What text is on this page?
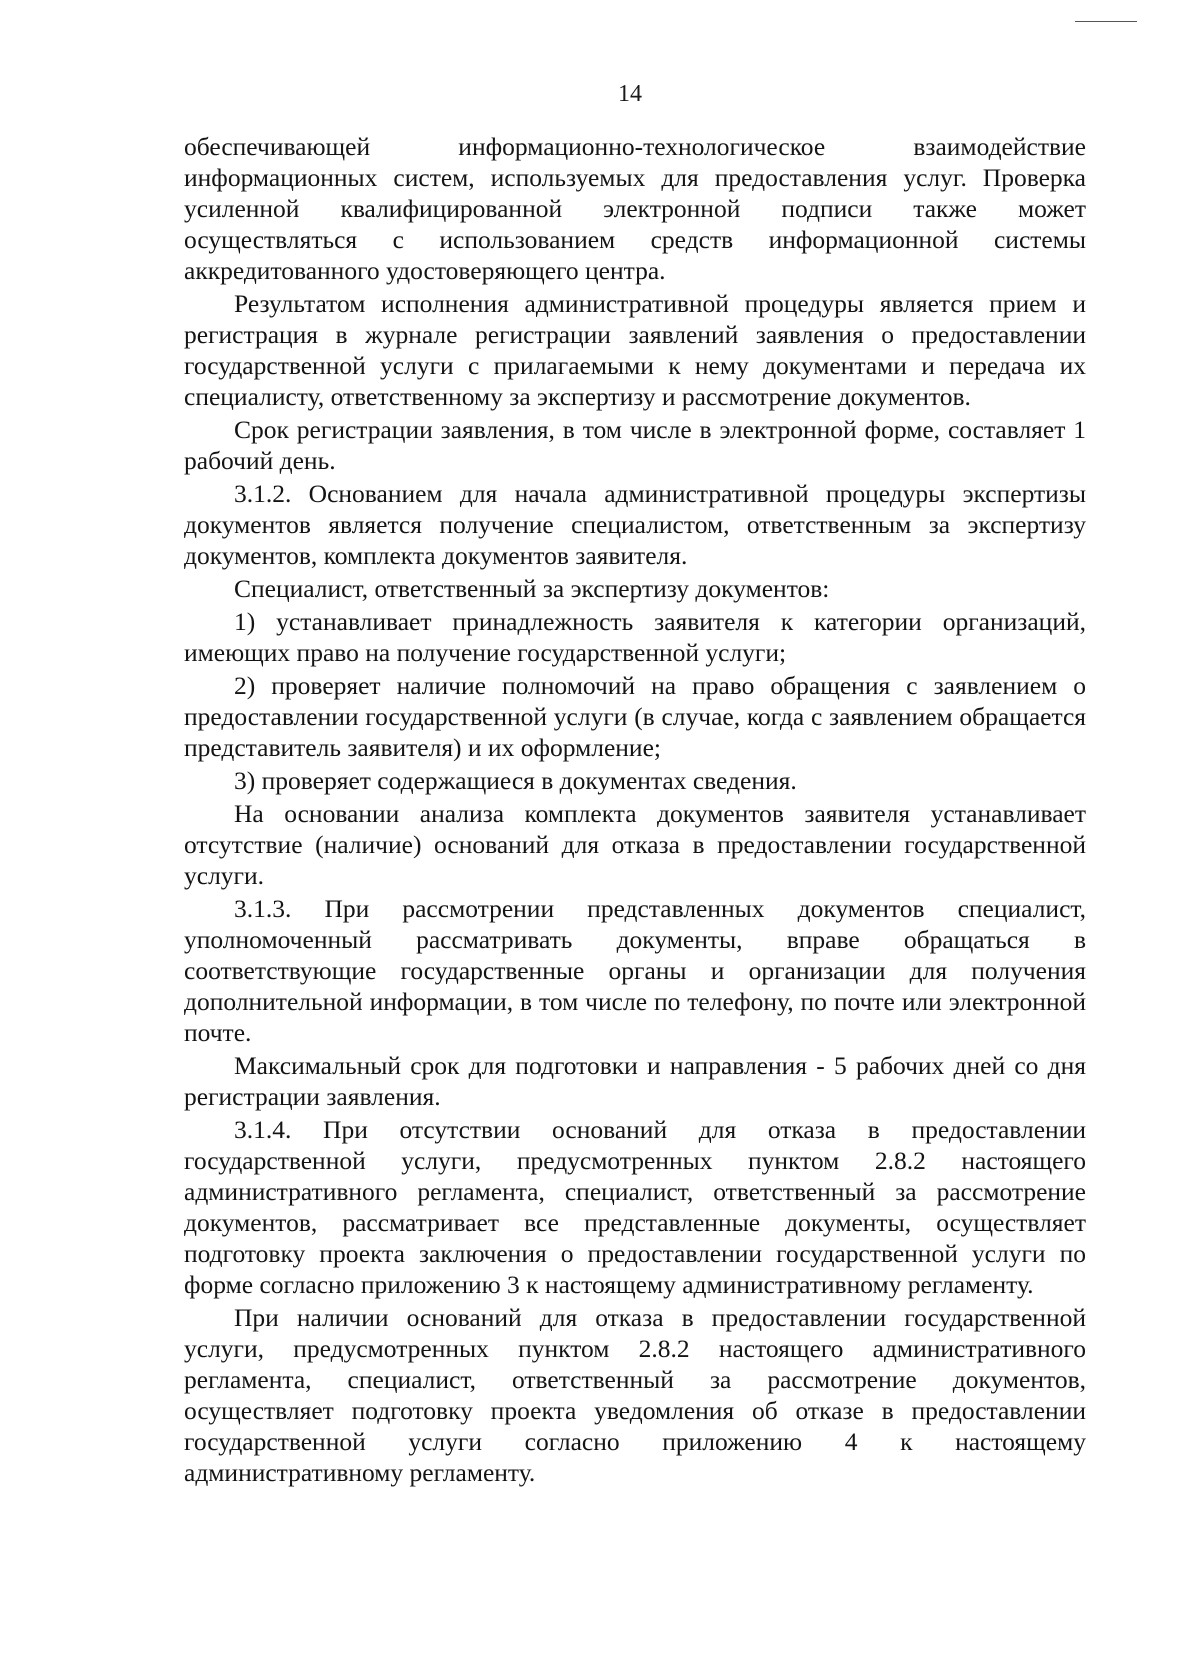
14

обеспечивающей информационно-технологическое взаимодействие информационных систем, используемых для предоставления услуг. Проверка усиленной квалифицированной электронной подписи также может осуществляться с использованием средств информационной системы аккредитованного удостоверяющего центра.

Результатом исполнения административной процедуры является прием и регистрация в журнале регистрации заявлений заявления о предоставлении государственной услуги с прилагаемыми к нему документами и передача их специалисту, ответственному за экспертизу и рассмотрение документов.

Срок регистрации заявления, в том числе в электронной форме, составляет 1 рабочий день.

3.1.2. Основанием для начала административной процедуры экспертизы документов является получение специалистом, ответственным за экспертизу документов, комплекта документов заявителя.

Специалист, ответственный за экспертизу документов:

1) устанавливает принадлежность заявителя к категории организаций, имеющих право на получение государственной услуги;

2) проверяет наличие полномочий на право обращения с заявлением о предоставлении государственной услуги (в случае, когда с заявлением обращается представитель заявителя) и их оформление;

3) проверяет содержащиеся в документах сведения.

На основании анализа комплекта документов заявителя устанавливает отсутствие (наличие) оснований для отказа в предоставлении государственной услуги.

3.1.3. При рассмотрении представленных документов специалист, уполномоченный рассматривать документы, вправе обращаться в соответствующие государственные органы и организации для получения дополнительной информации, в том числе по телефону, по почте или электронной почте.

Максимальный срок для подготовки и направления - 5 рабочих дней со дня регистрации заявления.

3.1.4. При отсутствии оснований для отказа в предоставлении государственной услуги, предусмотренных пунктом 2.8.2 настоящего административного регламента, специалист, ответственный за рассмотрение документов, рассматривает все представленные документы, осуществляет подготовку проекта заключения о предоставлении государственной услуги по форме согласно приложению 3 к настоящему административному регламенту.

При наличии оснований для отказа в предоставлении государственной услуги, предусмотренных пунктом 2.8.2 настоящего административного регламента, специалист, ответственный за рассмотрение документов, осуществляет подготовку проекта уведомления об отказе в предоставлении государственной услуги согласно приложению 4 к настоящему административному регламенту.
